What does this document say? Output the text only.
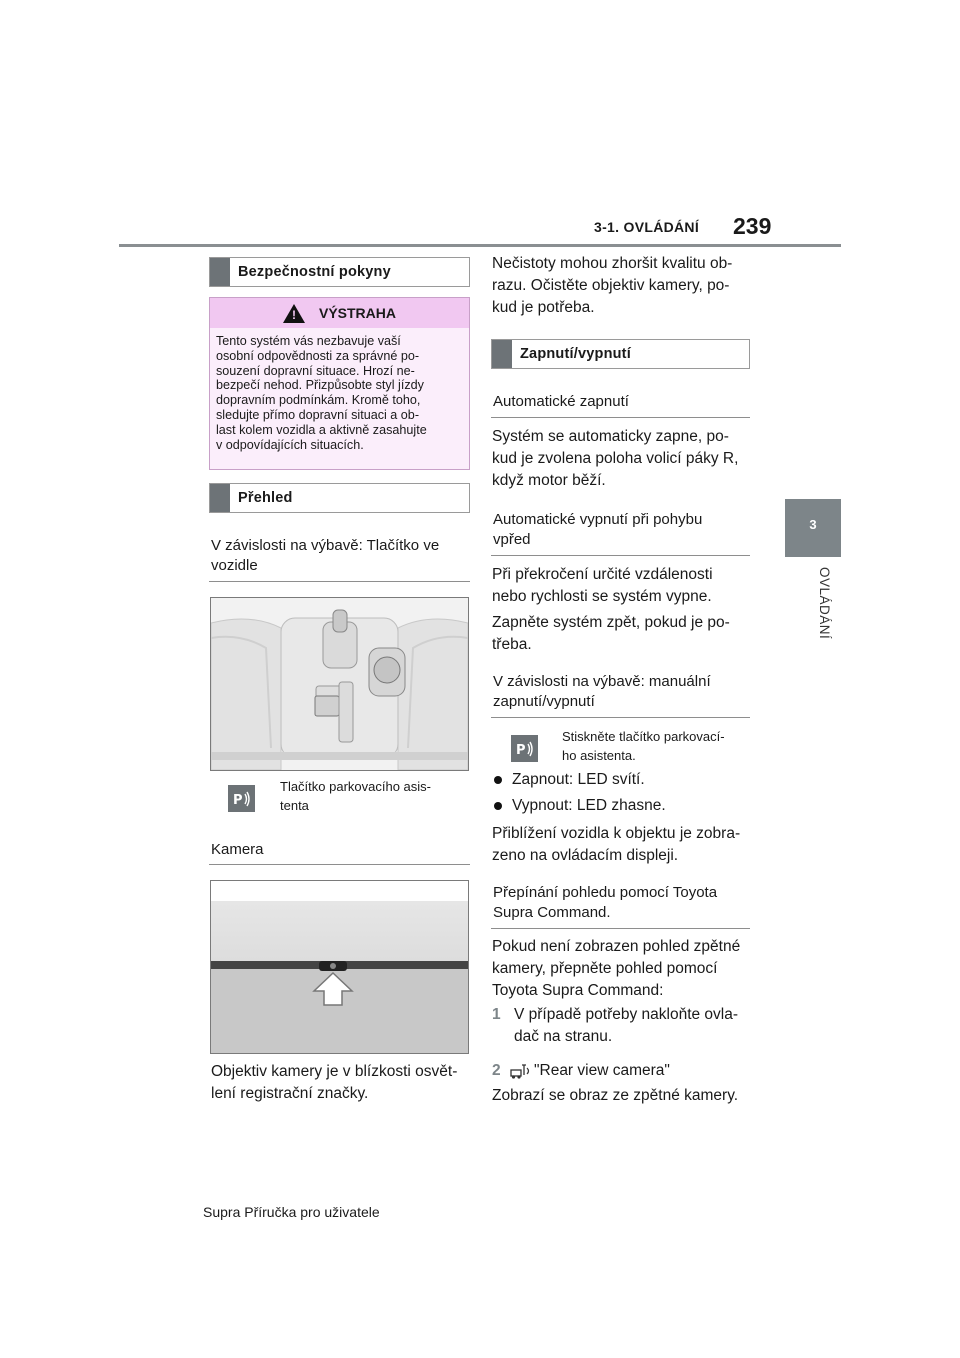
3-1. OVLÁDÁNÍ 239
3
OVLÁDÁNÍ
Bezpečnostní pokyny
! VÝSTRAHA
Tento systém vás nezbavuje vaší
osobní odpovědnosti za správné po-
souzení dopravní situace. Hrozí ne-
bezpečí nehod. Přizpůsobte styl jízdy
dopravním podmínkám. Kromě toho,
sledujte přímo dopravní situaci a ob-
last kolem vozidla a aktivně zasahujte
v odpovídajících situacích.
Přehled
V závislosti na výbavě: Tlačítko ve
vozidle
P
Tlačítko parkovacího asis-
tenta
Kamera
Objektiv kamery je v blízkosti osvět-
lení registrační značky.
Nečistoty mohou zhoršit kvalitu ob-
razu. Očistěte objektiv kamery, po-
kud je potřeba.
Zapnutí/vypnutí
Automatické zapnutí
Systém se automaticky zapne, po-
kud je zvolena poloha volicí páky R,
když motor běží.
Automatické vypnutí při pohybu
vpřed
Při překročení určité vzdálenosti
nebo rychlosti se systém vypne.
Zapněte systém zpět, pokud je po-
třeba.
V závislosti na výbavě: manuální
zapnutí/vypnutí
P
Stiskněte tlačítko parkovací-
ho asistenta.
Zapnout: LED svítí.
Vypnout: LED zhasne.
Přiblížení vozidla k objektu je zobra-
zeno na ovládacím displeji.
Přepínání pohledu pomocí Toyota
Supra Command.
Pokud není zobrazen pohled zpětné
kamery, přepněte pohled pomocí
Toyota Supra Command:
1 V případě potřeby nakloňte ovla-
dač na stranu.
2	"Rear view camera"
Zobrazí se obraz ze zpětné kamery.
Supra Příručka pro uživatele
